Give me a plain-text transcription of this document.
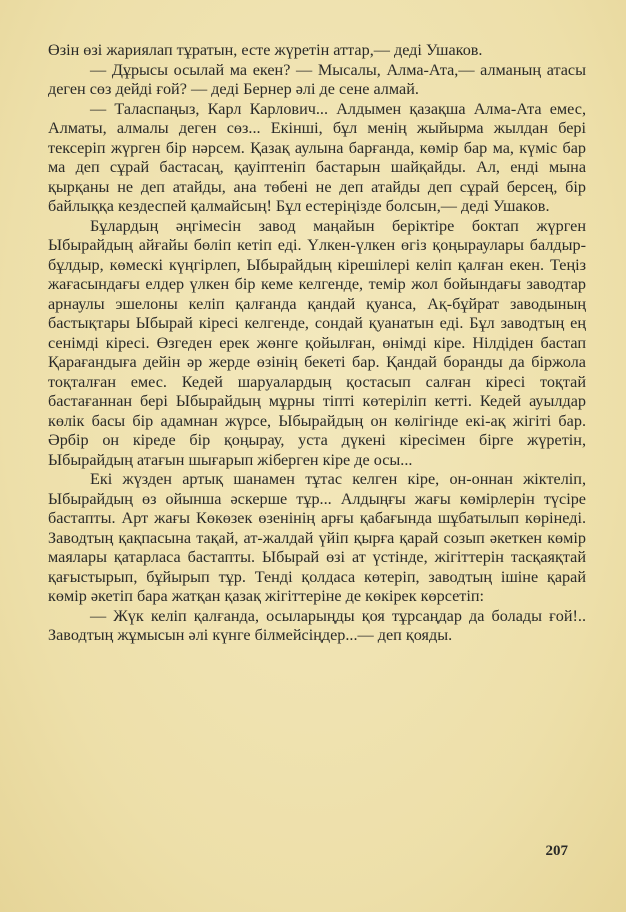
Өзін өзі жариялап тұратын, есте жүретін аттар,— деді Ушаков.

— Дұрысы осылай ма екен? — Мысалы, Алма-Ата,— алманың атасы деген сөз дейді ғой? — деді Бернер әлі де сене алмай.

— Таласпаңыз, Карл Карлович... Алдымен қазақша Алма-Ата емес, Алматы, алмалы деген сөз... Екінші, бұл менің жыйырма жылдан бері тексеріп жүрген бір нәрсем. Қазақ аулына барғанда, көмір бар ма, күміс бар ма деп сұрай бастасаң, қауіптеніп бастарын шайқайды. Ал, енді мына қырқаны не деп атайды, ана төбені не деп атайды деп сұрай берсең, бір байлыққа кездеспей қалмайсың! Бұл естеріңізде болсын,— деді Ушаков.

Бұлардың әңгімесін завод маңайын беріктіре боктап жүрген Ыбырайдың айғайы бөліп кетіп еді. Үлкен-үлкен өгіз қоңыраулары балдыр-бұлдыр, көмескі күңгірлеп, Ыбырайдың кірешілері келіп қалған екен. Теңіз жағасындағы елдер үлкен бір кеме келгенде, темір жол бойындағы заводтар арнаулы эшелоны келіп қалғанда қандай қуанса, Ақ-бұйрат заводының бастықтары Ыбырай кіресі келгенде, сондай қуанатын еді. Бұл заводтың ең сенімді кіресі. Өзгеден ерек жөнге қойылған, өнімді кіре. Нілдіден бастап Қарағандыға дейін әр жерде өзінің бекеті бар. Қандай боранды да біржола тоқталған емес. Кедей шаруалардың қостасып салған кіресі тоқтай бастағаннан бері Ыбырайдың мұрны тіпті көтеріліп кетті. Кедей ауылдар көлік басы бір адамнан жүрсе, Ыбырайдың он көлігінде екі-ақ жігіті бар. Әрбір он кіреде бір қоңырау, уста дүкені кіресімен бірге жүретін, Ыбырайдың атағын шығарып жіберген кіре де осы...

Екі жүзден артық шанамен тұтас келген кіре, он-оннан жіктеліп, Ыбырайдың өз ойынша әскерше тұр... Алдыңғы жағы көмірлерін түсіре бастапты. Арт жағы Көкөзек өзенінің арғы қабағында шұбатылып көрінеді. Заводтың қақпасына тақай, ат-жалдай үйіп қырға қарай созып әкеткен көмір маялары қатарласа бастапты. Ыбырай өзі ат үстінде, жігіттерін тасқаяқтай қағыстырып, бұйырып тұр. Тенді қолдаса көтеріп, заводтың ішіне қарай көмір әкетіп бара жатқан қазақ жігіттеріне де көкірек көрсетіп:

— Жүк келіп қалғанда, осыларыңды қоя тұрсаңдар да болады ғой!.. Заводтың жұмысын әлі күнге білмейсіңдер...— деп қояды.

207
